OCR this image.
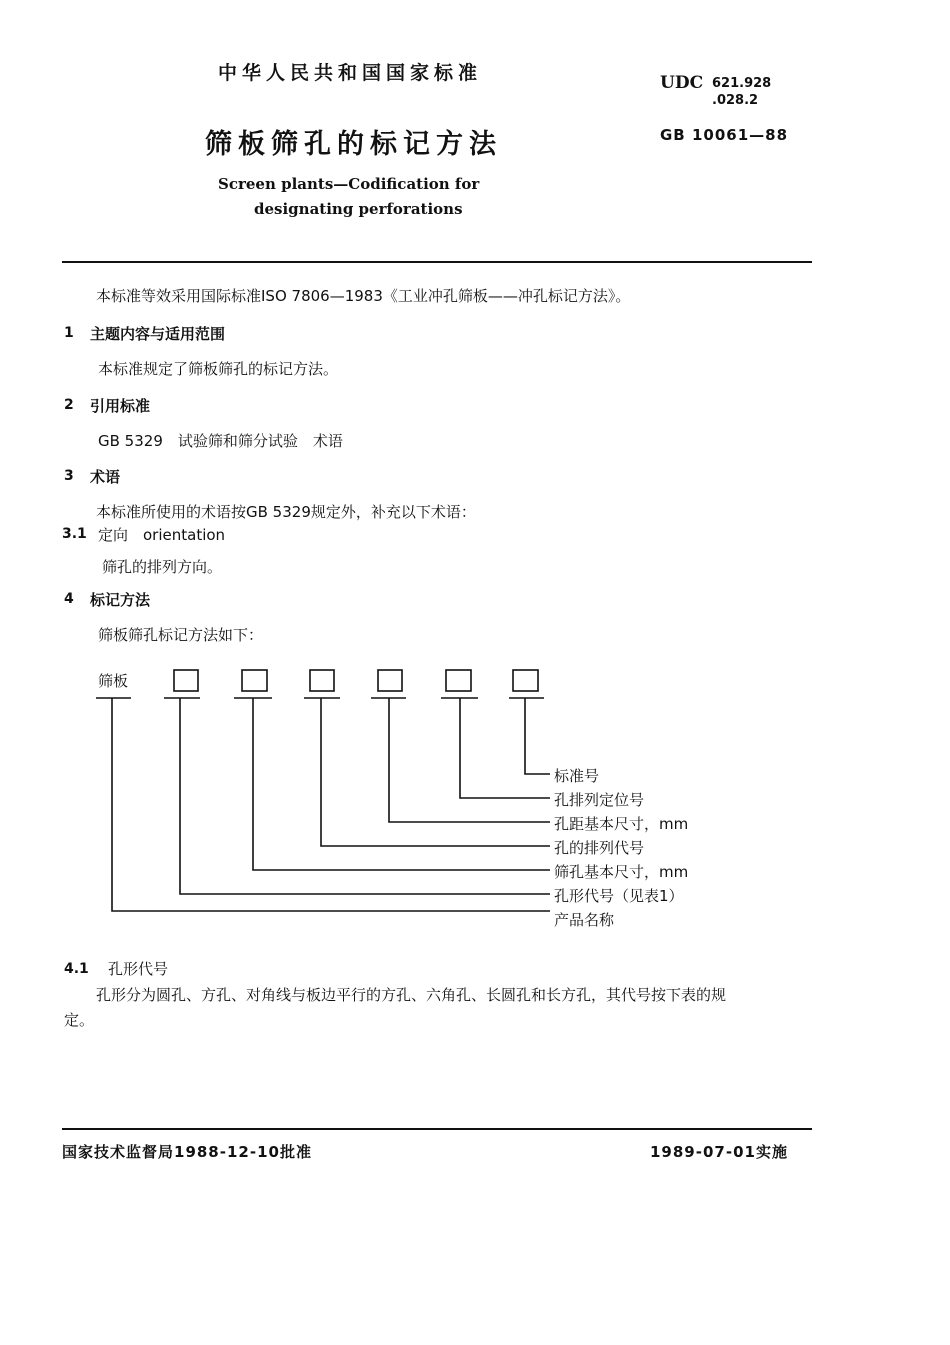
中华人民共和国国家标准	UDC 621.928
.028.2
GB 10061—88
筛板筛孔的标记方法
Screen plants—Codification for
designating perforations
本标准等效采用国际标准ISO 7806—1983《工业冲孔筛板——冲孔标记方法》。
1 主题内容与适用范围
本标准规定了筛板筛孔的标记方法。
2 引用标准
GB 5329　试验筛和筛分试验　术语
3 术语
本标准所使用的术语按GB 5329规定外，补充以下术语：
3.1 定向　orientation
筛孔的排列方向。
4 标记方法
筛板筛孔标记方法如下：
筛板
标准号
孔排列定位号
孔距基本尺寸，mm
孔的排列代号
筛孔基本尺寸，mm
孔形代号（见表1）
产品名称
4.1 孔形代号
孔形分为圆孔、方孔、对角线与板边平行的方孔、六角孔、长圆孔和长方孔，其代号按下表的规
定。
国家技术监督局1988-12-10批准	1989-07-01实施
